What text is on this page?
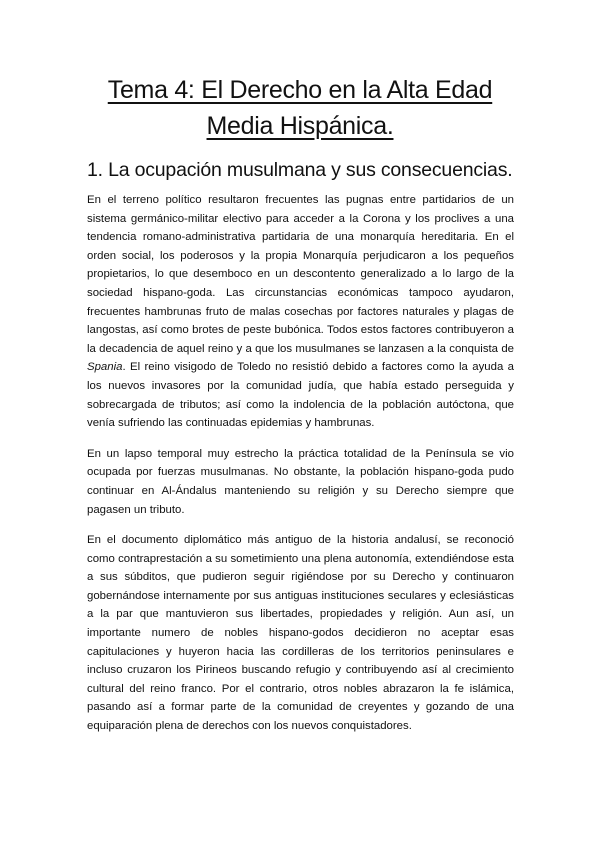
Tema 4: El Derecho en la Alta Edad
Media Hispánica.
1. La ocupación musulmana y sus consecuencias.

En el terreno político resultaron frecuentes las pugnas entre partidarios de un sistema germánico-militar electivo para acceder a la Corona y los proclives a una tendencia romano-administrativa partidaria de una monarquía hereditaria. En el orden social, los poderosos y la propia Monarquía perjudicaron a los pequeños propietarios, lo que desemboco en un descontento generalizado a lo largo de la sociedad hispano-goda. Las circunstancias económicas tampoco ayudaron, frecuentes hambrunas fruto de malas cosechas por factores naturales y plagas de langostas, así como brotes de peste bubónica. Todos estos factores contribuyeron a la decadencia de aquel reino y a que los musulmanes se lanzasen a la conquista de Spania. El reino visigodo de Toledo no resistió debido a factores como la ayuda a los nuevos invasores por la comunidad judía, que había estado perseguida y sobrecargada de tributos; así como la indolencia de la población autóctona, que venía sufriendo las continuadas epidemias y hambrunas.

En un lapso temporal muy estrecho la práctica totalidad de la Península se vio ocupada por fuerzas musulmanas. No obstante, la población hispano-goda pudo continuar en Al-Ándalus manteniendo su religión y su Derecho siempre que pagasen un tributo.

En el documento diplomático más antiguo de la historia andalusí, se reconoció como contraprestación a su sometimiento una plena autonomía, extendiéndose esta a sus súbditos, que pudieron seguir rigiéndose por su Derecho y continuaron gobernándose internamente por sus antiguas instituciones seculares y eclesiásticas a la par que mantuvieron sus libertades, propiedades y religión. Aun así, un importante numero de nobles hispano-godos decidieron no aceptar esas capitulaciones y huyeron hacia las cordilleras de los territorios peninsulares e incluso cruzaron los Pirineos buscando refugio y contribuyendo así al crecimiento cultural del reino franco. Por el contrario, otros nobles abrazaron la fe islámica, pasando así a formar parte de la comunidad de creyentes y gozando de una equiparación plena de derechos con los nuevos conquistadores.
